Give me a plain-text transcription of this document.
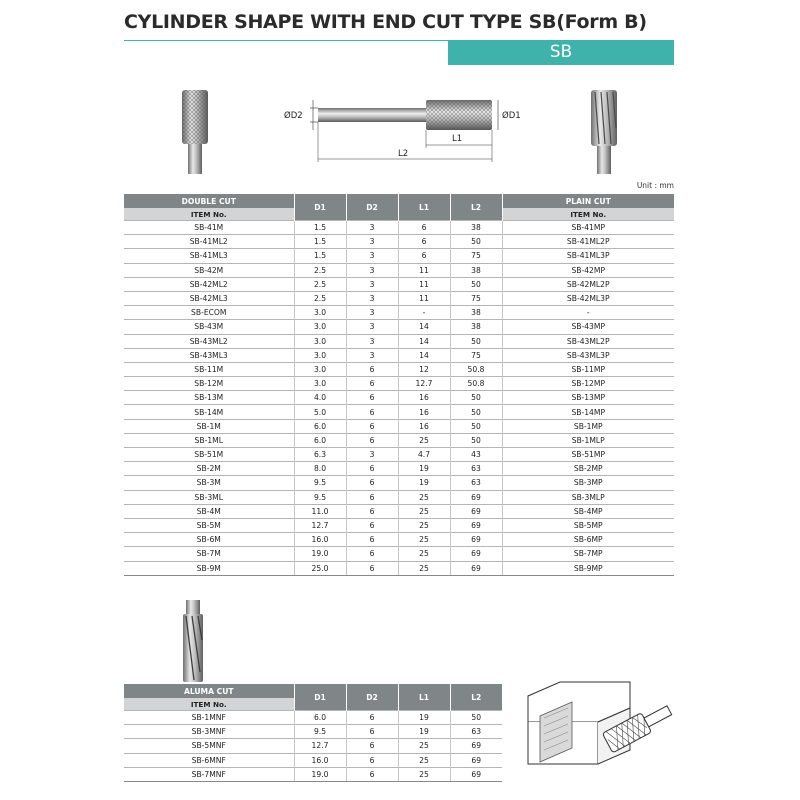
CYLINDER SHAPE WITH END CUT TYPE SB(Form B)
SB
ØD2	ØD1
L1
L2
Unit : mm
DOUBLE CUT	D1	D2	L1	L2	PLAIN CUT
ITEM No.					ITEM No.
SB-41M	1.5	3	6	38	SB-41MP
SB-41ML2	1.5	3	6	50	SB-41ML2P
SB-41ML3	1.5	3	6	75	SB-41ML3P
SB-42M	2.5	3	11	38	SB-42MP
SB-42ML2	2.5	3	11	50	SB-42ML2P
SB-42ML3	2.5	3	11	75	SB-42ML3P
SB-ECOM	3.0	3	-	38	-
SB-43M	3.0	3	14	38	SB-43MP
SB-43ML2	3.0	3	14	50	SB-43ML2P
SB-43ML3	3.0	3	14	75	SB-43ML3P
SB-11M	3.0	6	12	50.8	SB-11MP
SB-12M	3.0	6	12.7	50.8	SB-12MP
SB-13M	4.0	6	16	50	SB-13MP
SB-14M	5.0	6	16	50	SB-14MP
SB-1M	6.0	6	16	50	SB-1MP
SB-1ML	6.0	6	25	50	SB-1MLP
SB-51M	6.3	3	4.7	43	SB-51MP
SB-2M	8.0	6	19	63	SB-2MP
SB-3M	9.5	6	19	63	SB-3MP
SB-3ML	9.5	6	25	69	SB-3MLP
SB-4M	11.0	6	25	69	SB-4MP
SB-5M	12.7	6	25	69	SB-5MP
SB-6M	16.0	6	25	69	SB-6MP
SB-7M	19.0	6	25	69	SB-7MP
SB-9M	25.0	6	25	69	SB-9MP
ALUMA CUT	D1	D2	L1	L2
ITEM No.				
SB-1MNF	6.0	6	19	50
SB-3MNF	9.5	6	19	63
SB-5MNF	12.7	6	25	69
SB-6MNF	16.0	6	25	69
SB-7MNF	19.0	6	25	69
